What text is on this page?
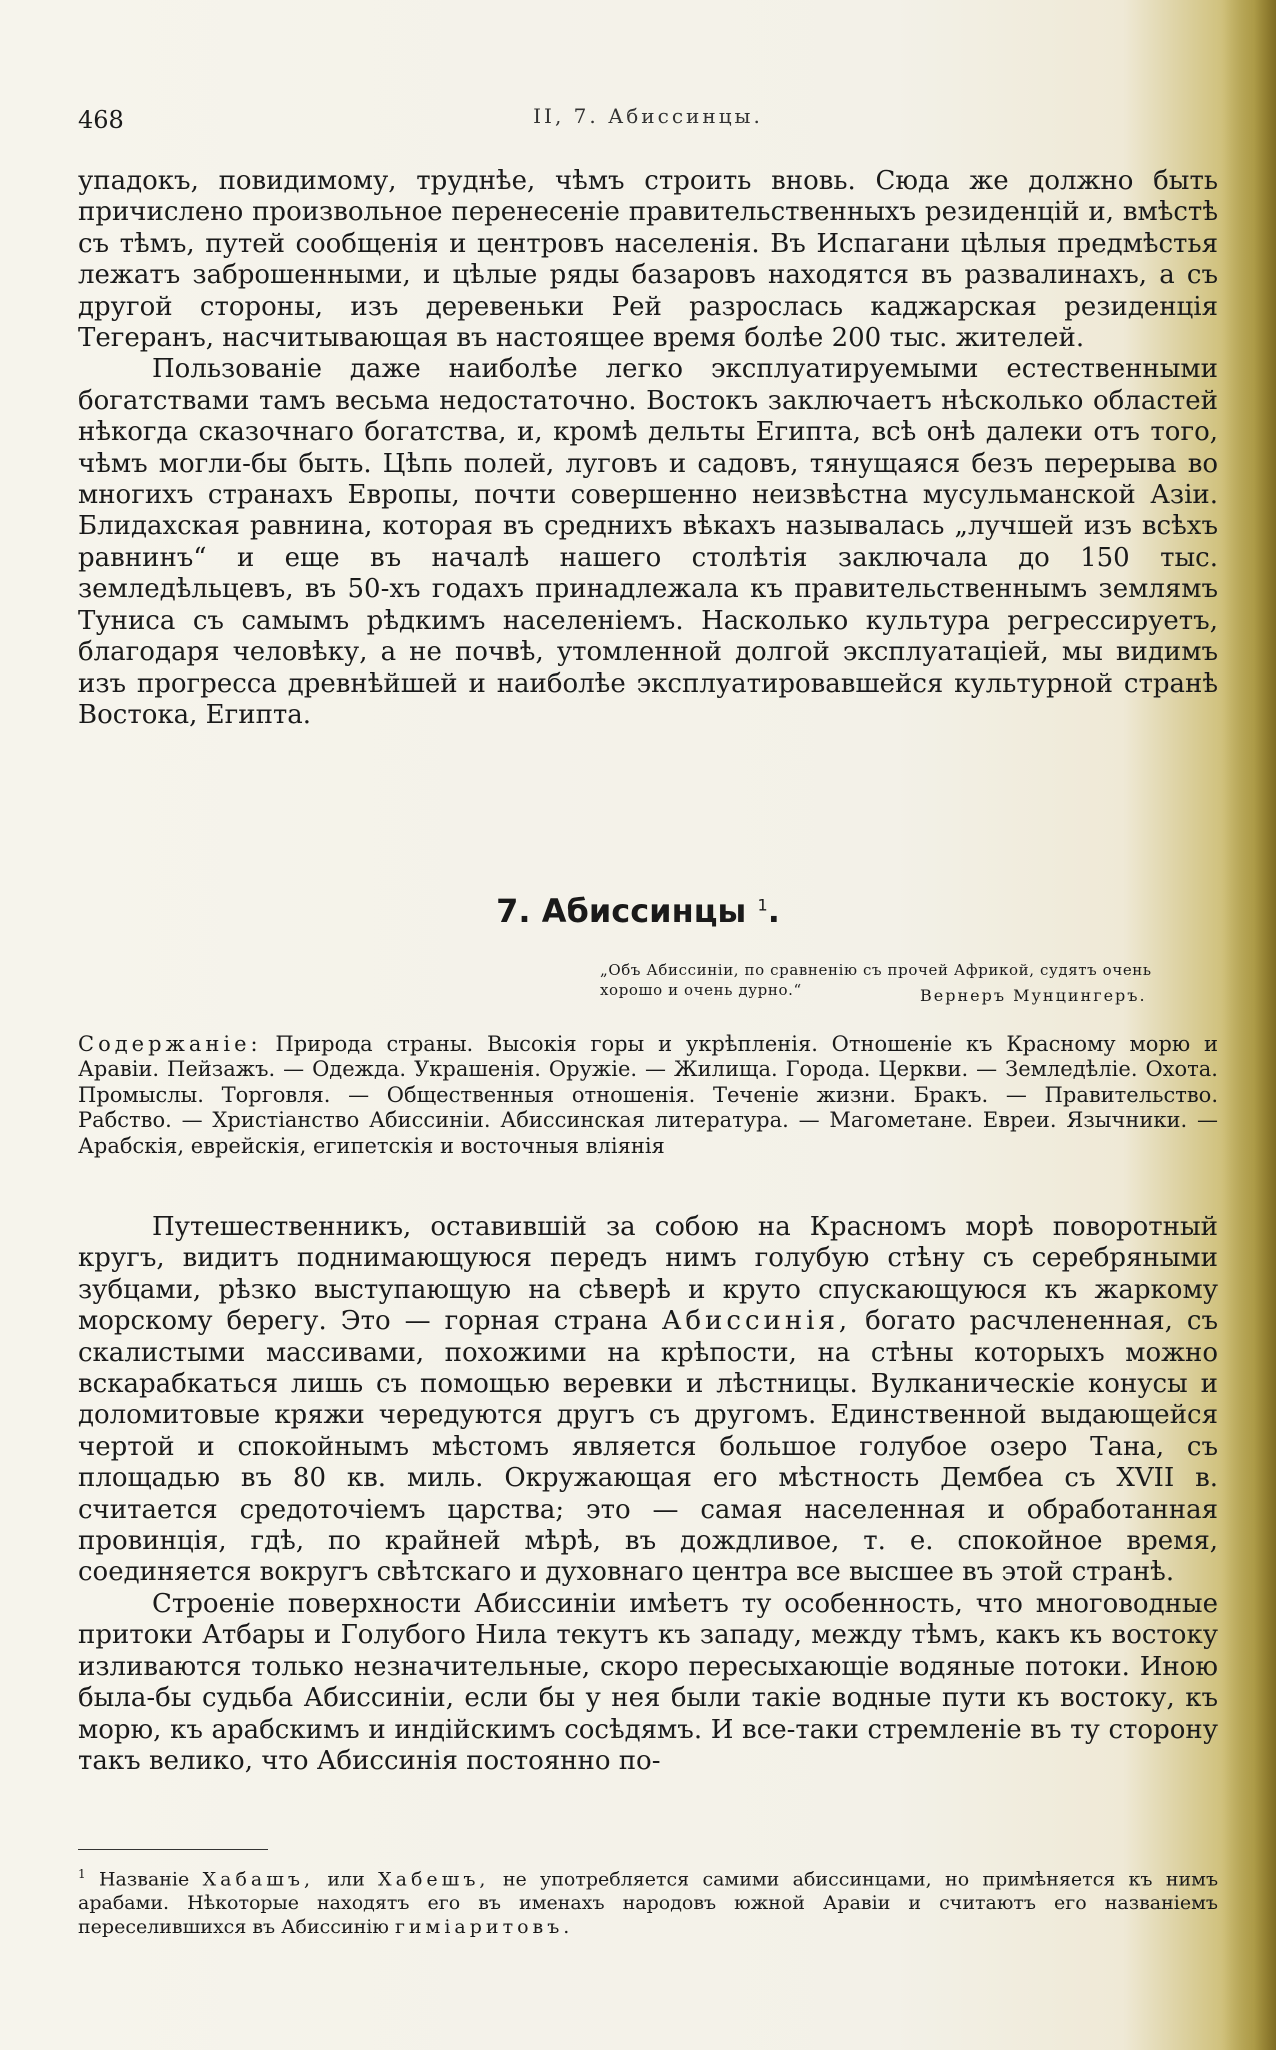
468	II, 7. Абиссинцы.

упадокъ, повидимому, труднѣе, чѣмъ строить вновь. Сюда же должно быть причислено произвольное перенесенiе правительственныхъ резиденцiй и, вмѣстѣ съ тѣмъ, путей сообщенiя и центровъ населенiя. Въ Испагани цѣлыя предмѣстья лежатъ заброшенными, и цѣлые ряды базаровъ находятся въ развалинахъ, а съ другой стороны, изъ деревеньки Рей разрослась каджарская резиденцiя Тегеранъ, насчитывающая въ настоящее время болѣе 200 тыс. жителей.

Пользованiе даже наиболѣе легко эксплуатируемыми естественными богатствами тамъ весьма недостаточно. Востокъ заключаетъ нѣсколько областей нѣкогда сказочнаго богатства, и, кромѣ дельты Египта, всѣ онѣ далеки отъ того, чѣмъ могли-бы быть. Цѣпь полей, луговъ и садовъ, тянущаяся безъ перерыва во многихъ странахъ Европы, почти совершенно неизвѣстна мусульманской Азiи. Блидахская равнина, которая въ среднихъ вѣкахъ называлась „лучшей изъ всѣхъ равнинъ“ и еще въ началѣ нашего столѣтiя заключала до 150 тыс. земледѣльцевъ, въ 50-хъ годахъ принадлежала къ правительственнымъ землямъ Туниса съ самымъ рѣдкимъ населенiемъ. Насколько культура регрессируетъ, благодаря человѣку, а не почвѣ, утомленной долгой эксплуатацiей, мы видимъ изъ прогресса древнѣйшей и наиболѣе эксплуатировавшейся культурной странѣ Востока, Египта.

7. Абиссинцы $^1$.
„Объ Абиссинiи, по сравненiю съ прочей Африкой, судятъ очень хорошо и очень дурно.“	Вернеръ Мунцингеръ.
Содержанiе: Природа страны. Высокiя горы и укрѣпленiя. Отношенiе къ Красному морю и Аравiи. Пейзажъ. — Одежда. Украшенiя. Оружiе. — Жилища. Города. Церкви. — Земледѣлiе. Охота. Промыслы. Торговля. — Общественныя отношенiя. Теченiе жизни. Бракъ. — Правительство. Рабство. — Христiанство Абиссинiи. Абиссинская литература. — Магометане. Евреи. Язычники. — Арабскiя, еврейскiя, египетскiя и восточныя влiянiя

Путешественникъ, оставившiй за собою на Красномъ морѣ поворотный кругъ, видитъ поднимающуюся передъ нимъ голубую стѣну съ серебряными зубцами, рѣзко выступающую на сѣверѣ и круто спускающуюся къ жаркому морскому берегу. Это — горная страна Абиссинiя, богато расчлененная, съ скалистыми массивами, похожими на крѣпости, на стѣны которыхъ можно вскарабкаться лишь съ помощью веревки и лѣстницы. Вулканическiе конусы и доломитовые кряжи чередуются другъ съ другомъ. Единственной выдающейся чертой и спокойнымъ мѣстомъ является большое голубое озеро Тана, съ площадью въ 80 кв. миль. Окружающая его мѣстность Дембеа съ XVII в. считается средоточiемъ царства; это — самая населенная и обработанная провинцiя, гдѣ, по крайней мѣрѣ, въ дождливое, т. е. спокойное время, соединяется вокругъ свѣтскаго и духовнаго центра все высшее въ этой странѣ.

Строенiе поверхности Абиссинiи имѣетъ ту особенность, что многоводные притоки Атбары и Голубого Нила текутъ къ западу, между тѣмъ, какъ къ востоку изливаются только незначительные, скоро пересыхающiе водяные потоки. Иною была-бы судьба Абиссинiи, если бы у нея были такiе водные пути къ востоку, къ морю, къ арабскимъ и индiйскимъ сосѣдямъ. И все-таки стремленiе въ ту сторону такъ велико, что Абиссинiя постоянно по-

$^1$ Названiе Хабашъ, или Хабешъ, не употребляется самими абиссинцами, но примѣняется къ нимъ арабами. Нѣкоторые находятъ его въ именахъ народовъ южной Аравiи и считаютъ его названiемъ переселившихся въ Абиссинiю гимiаритовъ.
